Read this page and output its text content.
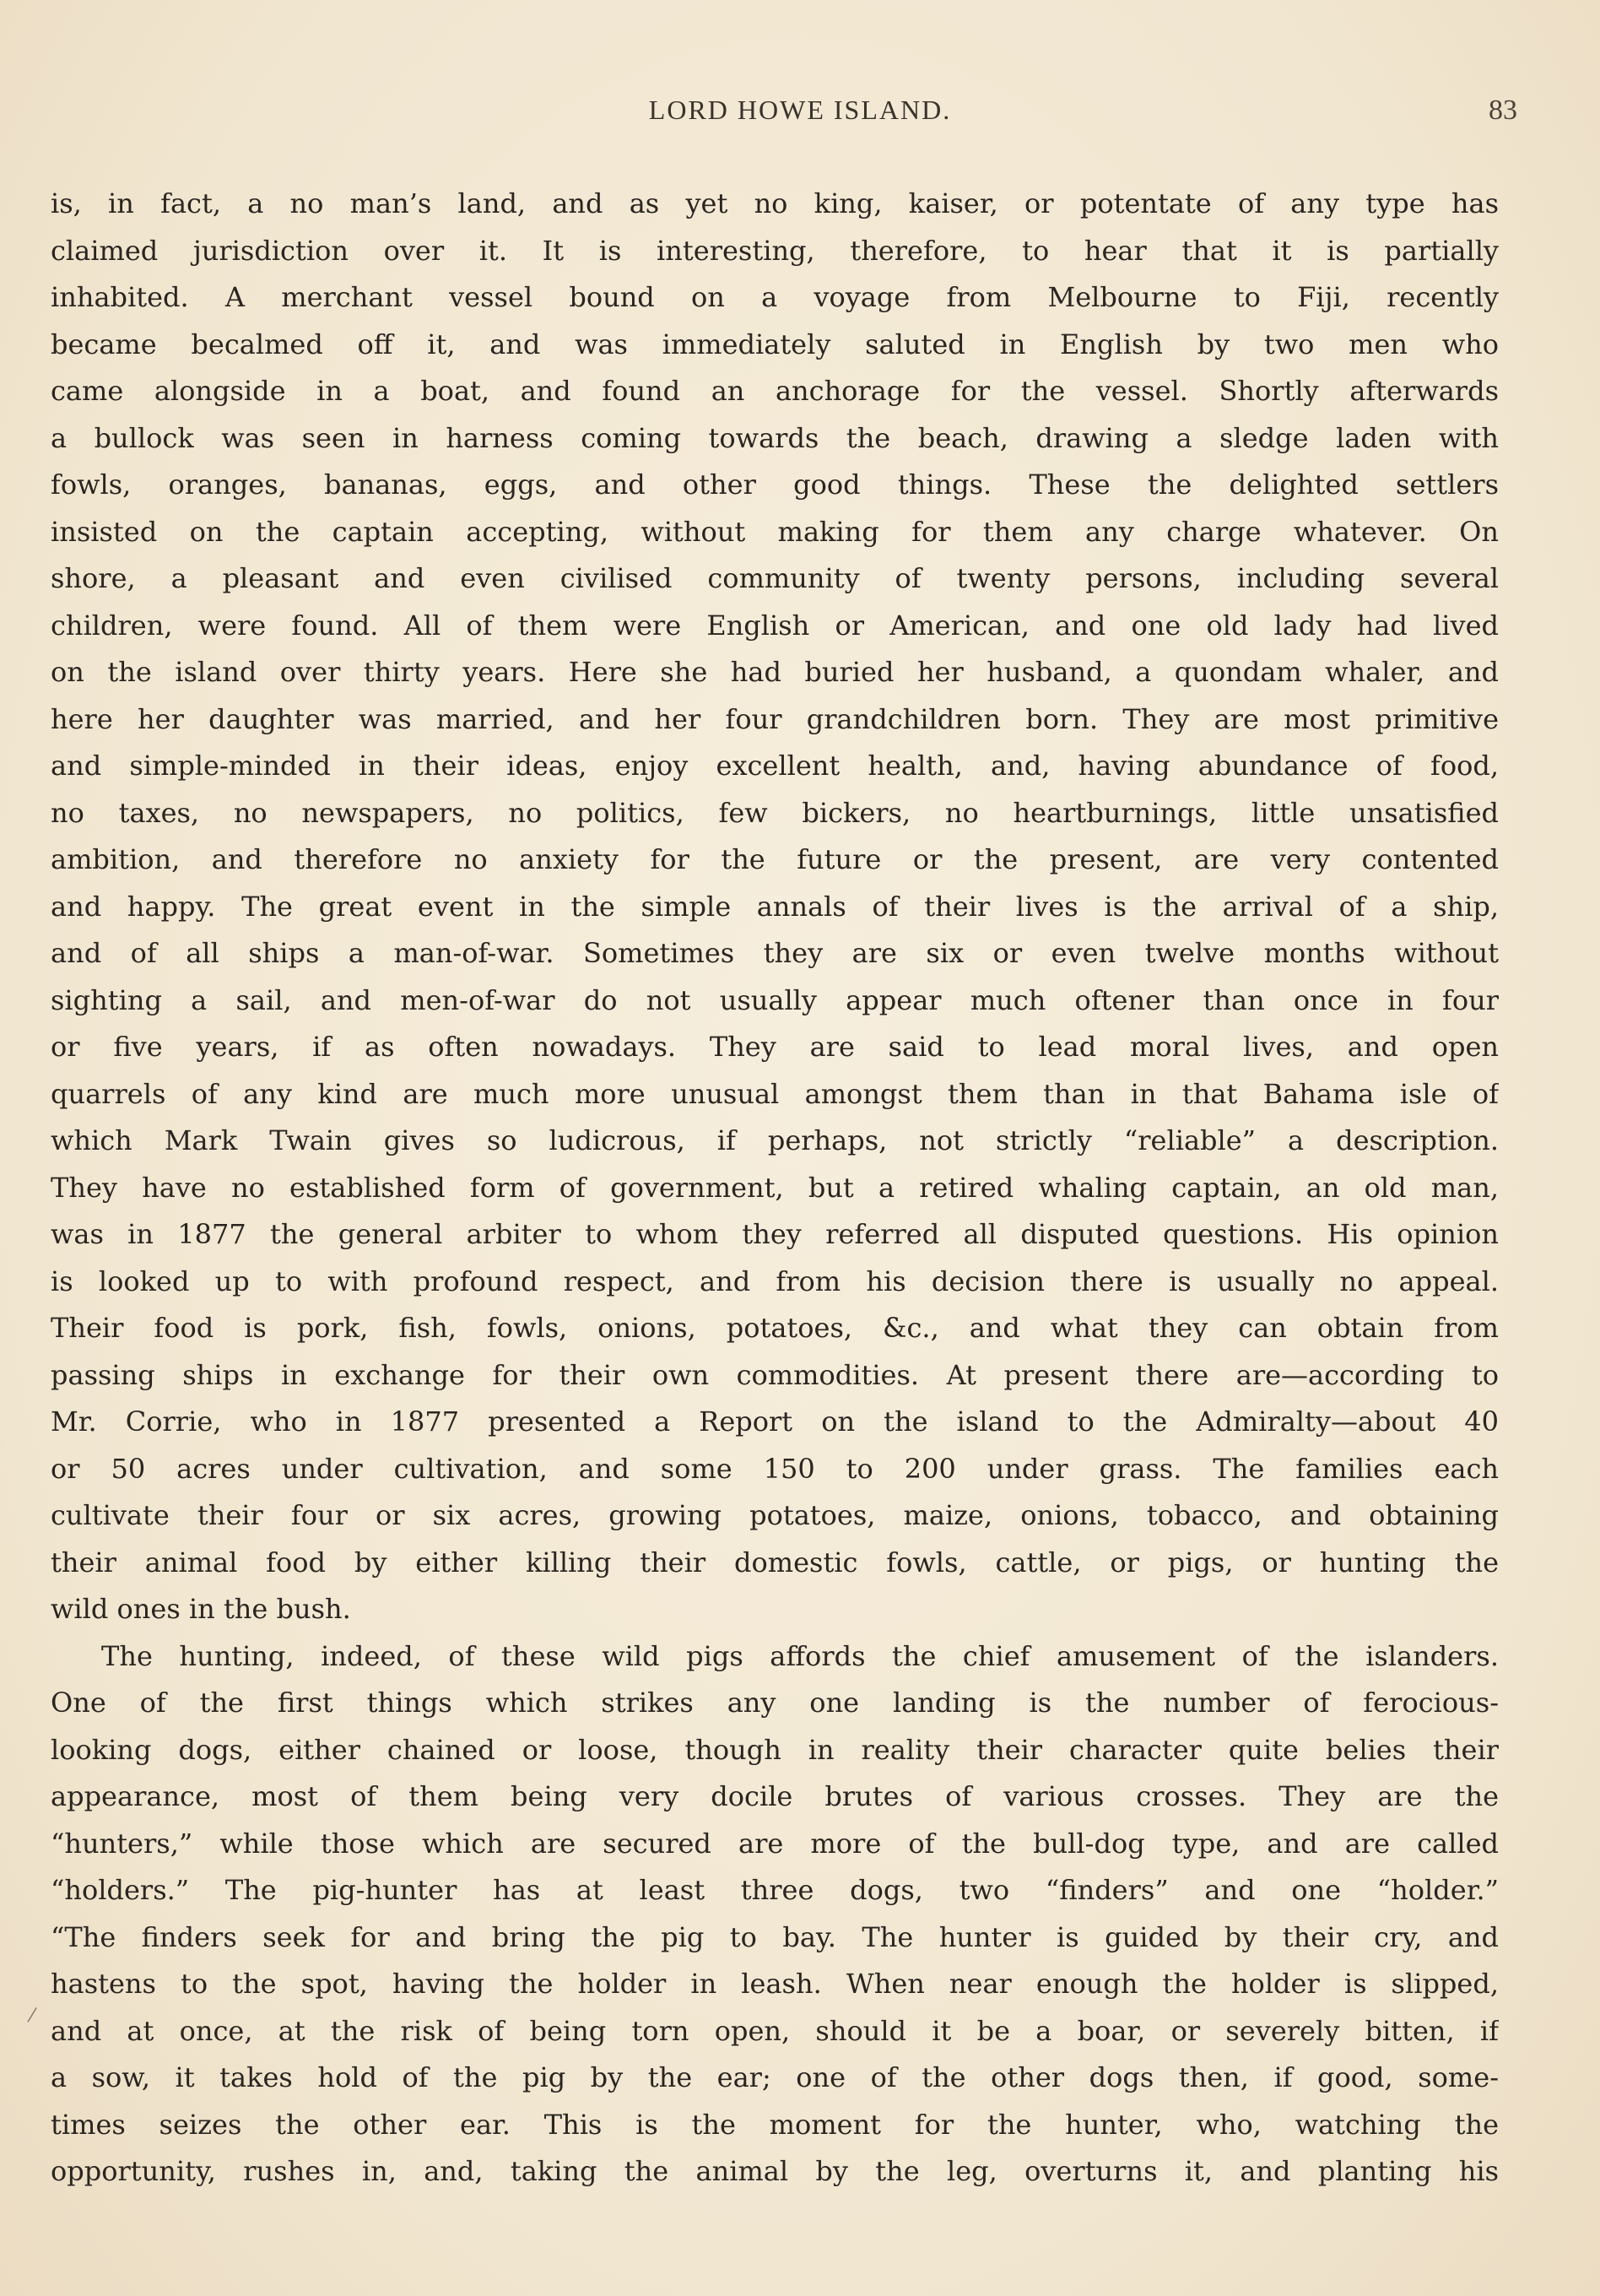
LORD HOWE ISLAND.	83
/
is, in fact, a no man’s land, and as yet no king, kaiser, or potentate of any type has
claimed jurisdiction over it. It is interesting, therefore, to hear that it is partially
inhabited. A merchant vessel bound on a voyage from Melbourne to Fiji, recently
became becalmed off it, and was immediately saluted in English by two men who
came alongside in a boat, and found an anchorage for the vessel. Shortly afterwards
a bullock was seen in harness coming towards the beach, drawing a sledge laden with
fowls, oranges, bananas, eggs, and other good things. These the delighted settlers
insisted on the captain accepting, without making for them any charge whatever. On
shore, a pleasant and even civilised community of twenty persons, including several
children, were found. All of them were English or American, and one old lady had lived
on the island over thirty years. Here she had buried her husband, a quondam whaler, and
here her daughter was married, and her four grandchildren born. They are most primitive
and simple-minded in their ideas, enjoy excellent health, and, having abundance of food,
no taxes, no newspapers, no politics, few bickers, no heartburnings, little unsatisfied
ambition, and therefore no anxiety for the future or the present, are very contented
and happy. The great event in the simple annals of their lives is the arrival of a ship,
and of all ships a man-of-war. Sometimes they are six or even twelve months without
sighting a sail, and men-of-war do not usually appear much oftener than once in four
or five years, if as often nowadays. They are said to lead moral lives, and open
quarrels of any kind are much more unusual amongst them than in that Bahama isle of
which Mark Twain gives so ludicrous, if perhaps, not strictly “reliable” a description.
They have no established form of government, but a retired whaling captain, an old man,
was in 1877 the general arbiter to whom they referred all disputed questions. His opinion
is looked up to with profound respect, and from his decision there is usually no appeal.
Their food is pork, fish, fowls, onions, potatoes, &c., and what they can obtain from
passing ships in exchange for their own commodities. At present there are—according to
Mr. Corrie, who in 1877 presented a Report on the island to the Admiralty—about 40
or 50 acres under cultivation, and some 150 to 200 under grass. The families each
cultivate their four or six acres, growing potatoes, maize, onions, tobacco, and obtaining
their animal food by either killing their domestic fowls, cattle, or pigs, or hunting the
wild ones in the bush.
The hunting, indeed, of these wild pigs affords the chief amusement of the islanders.
One of the first things which strikes any one landing is the number of ferocious-
looking dogs, either chained or loose, though in reality their character quite belies their
appearance, most of them being very docile brutes of various crosses. They are the
“hunters,” while those which are secured are more of the bull-dog type, and are called
“holders.” The pig-hunter has at least three dogs, two “finders” and one “holder.”
“The finders seek for and bring the pig to bay. The hunter is guided by their cry, and
hastens to the spot, having the holder in leash. When near enough the holder is slipped,
and at once, at the risk of being torn open, should it be a boar, or severely bitten, if
a sow, it takes hold of the pig by the ear; one of the other dogs then, if good, some-
times seizes the other ear. This is the moment for the hunter, who, watching the
opportunity, rushes in, and, taking the animal by the leg, overturns it, and planting his
